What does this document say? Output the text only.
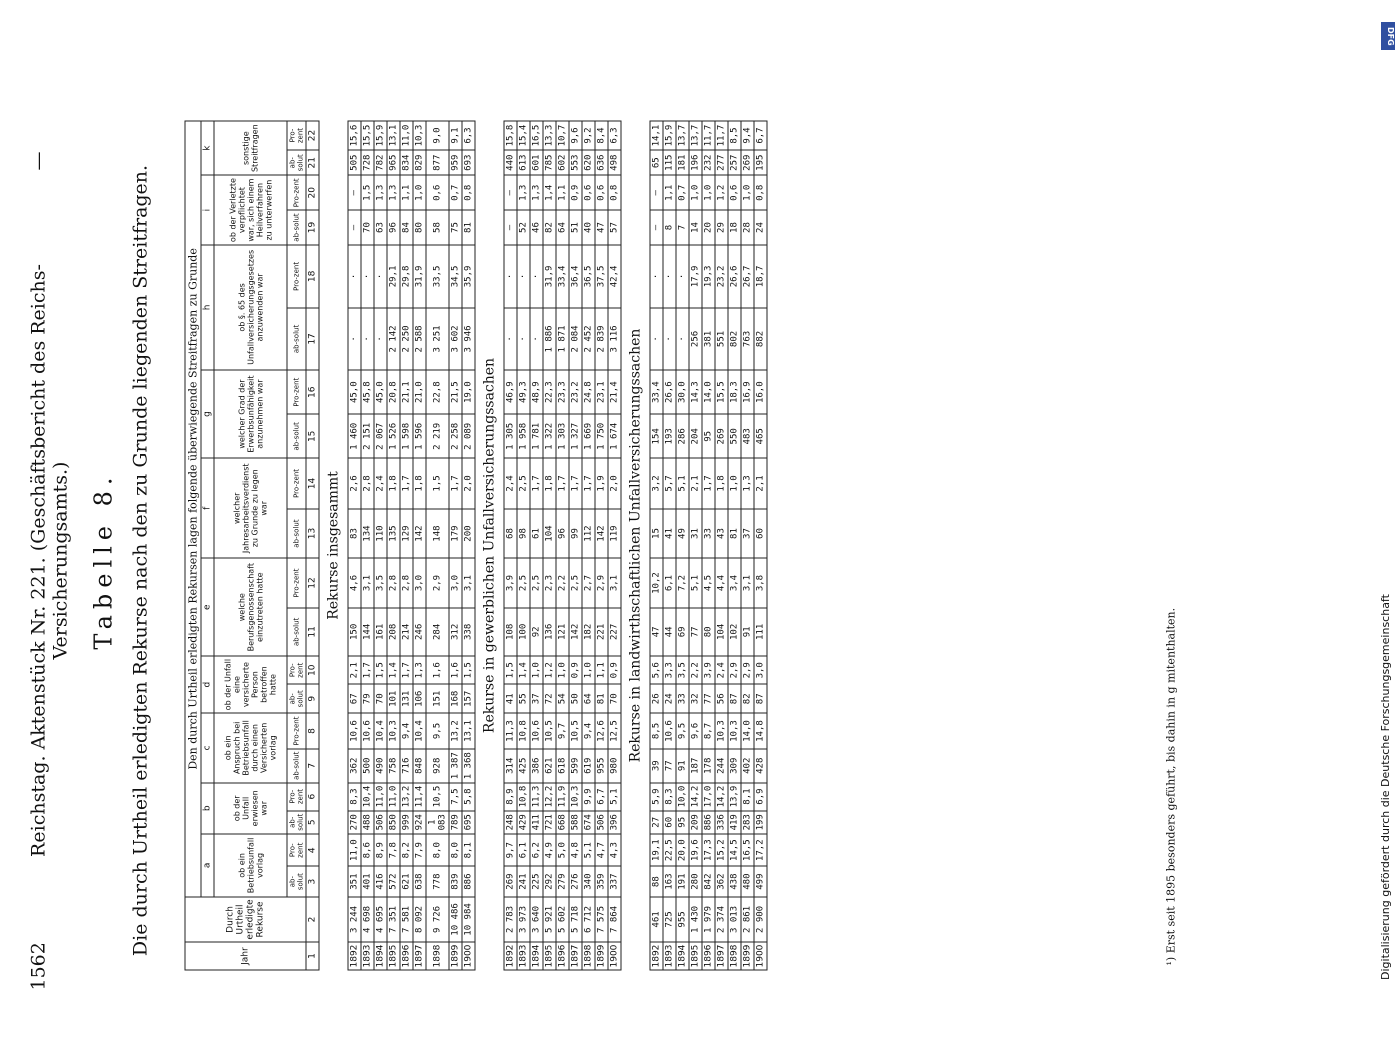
1562
Reichstag. Aktenstück Nr. 221. (Geschäftsbericht des Reichs-Versicherungsamts.)
—
Tabelle 8. Die durch Urtheil erledigten Rekurse nach den zu Grunde liegenden Streitfragen.	Jahr	Durch Urtheil erledigte Rekurse	Den durch Urtheil erledigten Rekursen lagen folgende überwiegende Streitfragen zu Grunde																			
		a		b		c		d		e		f		g		h		i		k	
		ob ein Betriebsunfall vorlag		ob der Unfall erwiesen war		ob ein Anspruch bei Betriebsunfall durch einen Versicherten vorlag		ob der Unfall eine versicherte Person betroffen hatte		welche Berufsgenossenschaft einzutreten hatte		welcher Jahresarbeitsverdienst zu Grunde zu legen war		welcher Grad der Erwerbsunfähigkeit anzunehmen war		ob §. 65 des Unfallversicherungsgesetzes anzuwenden war		ob der Verletzte verpflichtet war, sich einem Heilverfahren zu unterwerfen		sonstige Streitfragen	
		ab-solut	Pro-zent	ab-solut	Pro-zent	ab-solut	Pro-zent	ab-solut	Pro-zent	ab-solut	Pro-zent	ab-solut	Pro-zent	ab-solut	Pro-zent	ab-solut	Pro-zent	ab-solut	Pro-zent	ab-solut	Pro-zent
1	2	3	4	5	6	7	8	9	10	11	12	13	14	15	16	17	18	19	20	21	22
Rekurse insgesammt																					
1892	3 244	351	11,0	270	8,3	362	10,6	67	2,1	150	4,6	83	2,6	1 460	45,0	·	·	—	—	505	15,6
1893	4 698	401	8,6	488	10,4	500	10,6	79	1,7	144	3,1	134	2,8	2 151	45,8	·	·	70	1,5	728	15,5
1894	4 695	416	8,9	506	11,0	490	10,4	70	1,5	161	3,5	110	2,4	2 067	45,0	·	·	63	1,3	782	15,9
1895	7 351	572	7,8	850	11,0	758	10,3	101	1,4	208	2,8	135	1,8	1 526	20,8	2 142	29,1	96	1,3	965	13,1
1896	7 581	621	8,2	999	13,2	716	9,4	131	1,7	214	2,8	129	1,7	1 598	21,1	2 250	29,8	84	1,1	834	11,0
1897	8 092	638	7,9	924	11,4	848	10,4	106	1,3	246	3,0	142	1,8	1 596	21,0	2 588	31,9	80	1,0	829	10,3
1898	9 726	778	8,0	1 083	10,5	928	9,5	151	1,6	284	2,9	148	1,5	2 219	22,8	3 251	33,5	58	0,6	877	9,0
1899	10 486	839	8,0	789	7,5	1 387	13,2	168	1,6	312	3,0	179	1,7	2 258	21,5	3 602	34,5	75	0,7	959	9,1
1900	10 984	886	8,1	695	5,8	1 368	13,1	157	1,5	338	3,1	200	2,0	2 089	19,0	3 946	35,9	81	0,8	693	6,3
Rekurse in gewerblichen Unfallversicherungssachen																					
1892	2 783	269	9,7	248	8,9	314	11,3	41	1,5	108	3,9	68	2,4	1 305	46,9	·	·	—	—	440	15,8
1893	3 973	241	6,1	429	10,8	425	10,8	55	1,4	100	2,5	98	2,5	1 958	49,3	·	·	52	1,3	613	15,4
1894	3 640	225	6,2	411	11,3	386	10,6	37	1,0	92	2,5	61	1,7	1 781	48,9	·	·	46	1,3	601	16,5
1895	5 921	292	4,9	721	12,2	621	10,5	72	1,2	136	2,3	104	1,8	1 322	22,3	1 886	31,9	82	1,4	785	13,3
1896	5 602	279	5,0	668	11,9	618	9,7	54	1,0	121	2,2	96	1,7	1 303	23,3	1 871	33,4	64	1,1	602	10,7
1897	5 718	276	4,8	588	10,3	599	10,5	50	0,9	142	2,5	99	1,7	1 327	23,2	2 084	36,4	51	0,9	553	9,6
1898	6 712	340	5,1	674	9,9	619	9,4	64	1,0	182	2,7	112	1,7	1 669	24,8	2 452	36,5	40	0,6	620	9,2
1899	7 575	359	4,7	506	6,7	955	12,6	81	1,1	221	2,9	142	1,9	1 750	23,1	2 839	37,5	47	0,6	636	8,4
1900	7 864	337	4,3	396	5,1	980	12,5	70	0,9	227	3,1	119	2,0	1 674	21,4	3 116	42,4	57	0,8	498	6,3
Rekurse in landwirthschaftlichen Unfallversicherungssachen																					
1892	461	88	19,1	27	5,9	39	8,5	26	5,6	47	10,2	15	3,2	154	33,4	·	·	—	—	65	14,1
1893	725	163	22,5	60	8,3	77	10,6	24	3,3	44	6,1	41	5,7	193	26,6	·	·	8	1,1	115	15,9
1894	955	191	20,0	95	10,0	91	9,5	33	3,5	69	7,2	49	5,1	286	30,0	·	·	7	0,7	181	13,7
1895	1 430	280	19,6	209	14,2	187	9,6	32	2,2	77	5,1	31	2,1	204	14,3	256	17,9	14	1,0	196	13,7
1896	1 979	842	17,3	886	17,0	178	8,7	77	3,9	80	4,5	33	1,7	95	14,0	381	19,3	20	1,0	232	11,7
1897	2 374	362	15,2	336	14,2	244	10,3	56	2,4	104	4,4	43	1,8	269	15,5	551	23,2	29	1,2	277	11,7
1898	3 013	438	14,5	419	13,9	309	10,3	87	2,9	102	3,4	81	1,0	550	18,3	802	26,6	18	0,6	257	8,5
1899	2 861	480	16,5	283	8,1	402	14,0	82	2,9	91	3,1	37	1,3	483	16,9	763	26,7	28	1,0	269	9,4
1900	2 900	499	17,2	199	6,9	428	14,8	87	3,0	111	3,8	60	2,1	465	16,0	882	18,7	24	0,8	195	6,7
¹) Erst seit 1895 besonders geführt, bis dahin in g mitenthalten.	Digitalisierung gefördert durch die Deutsche Forschungsgemeinschaft
DFG
